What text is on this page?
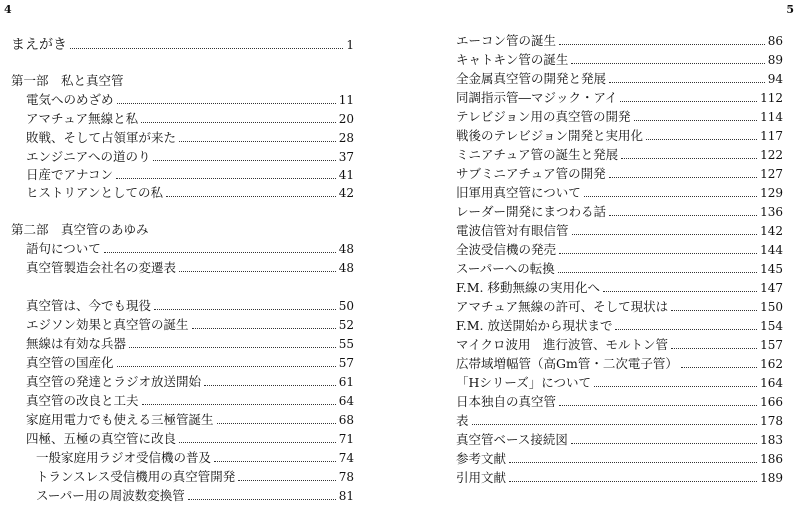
4	5
まえがき	1
第一部　私と真空管
電気へのめざめ	11
アマチュア無線と私	20
敗戦、そして占領軍が来た	28
エンジニアへの道のり	37
日産でアナコン	41
ヒストリアンとしての私	42
第二部　真空管のあゆみ
語句について	48
真空管製造会社名の変遷表	48
真空管は、今でも現役	50
エジソン効果と真空管の誕生	52
無線は有効な兵器	55
真空管の国産化	57
真空管の発達とラジオ放送開始	61
真空管の改良と工夫	64
家庭用電力でも使える三極管誕生	68
四極、五極の真空管に改良	71
一般家庭用ラジオ受信機の普及	74
トランスレス受信機用の真空管開発	78
スーパー用の周波数変換管	81
エーコン管の誕生	86
キャトキン管の誕生	89
全金属真空管の開発と発展	94
同調指示管―マジック・アイ	112
テレビジョン用の真空管の開発	114
戦後のテレビジョン開発と実用化	117
ミニアチュア管の誕生と発展	122
サブミニアチュア管の開発	127
旧軍用真空管について	129
レーダー開発にまつわる話	136
電波信管対有眼信管	142
全波受信機の発売	144
スーパーへの転換	145
F.M. 移動無線の実用化へ	147
アマチュア無線の許可、そして現状は	150
F.M. 放送開始から現状まで	154
マイクロ波用　進行波管、モルトン管	157
広帯域増幅管（高Gm管・二次電子管）	162
「Hシリーズ」について	164
日本独自の真空管	166
表	178
真空管ベース接続図	183
参考文献	186
引用文献	189
